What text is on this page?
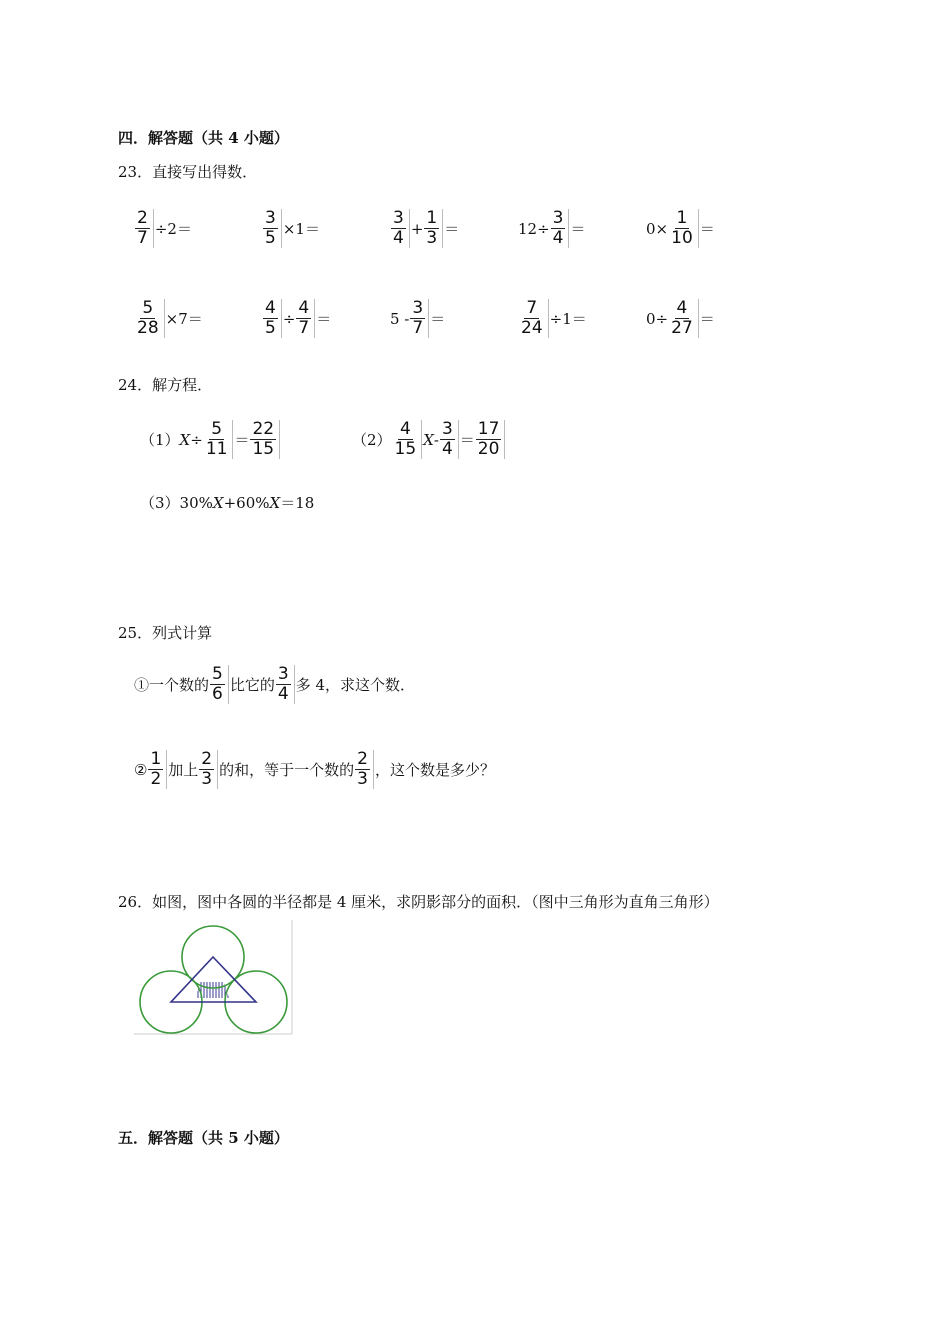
四．解答题（共 4 小题）
23．直接写出得数．
$\frac{2}{7} \div 2=$	$\frac{3}{5} \times 1=$	$\frac{3}{4} + \frac{1}{3}$ ＝	$12\div \frac{3}{4}$ ＝	$0\times \frac{1}{10}$ ＝
$\frac{5}{28} \times 7=$	$\frac{4}{5} \div \frac{4}{7}$ ＝	$5 - \frac{3}{7}$ ＝	$\frac{7}{24} \div 1=$	$0\div \frac{4}{27}$ ＝
24．解方程．
（1） $X \div \frac{5}{11} = \frac{22}{15}$	$(2) \frac{4}{15}$ $X - \frac{3}{4} = \frac{17}{20}$
（3） 30% X +60% X ＝18
25．列式计算
①一个数的 $\frac{5}{6}$ 比它的 $\frac{3}{4}$ 多 4，求这个数．
② $\frac{1}{2}$ 加上 $\frac{2}{3}$ 的和，等于一个数的 $\frac{2}{3}$ ，这个数是多少？
26．如图，图中各圆的半径都是 4 厘米，求阴影部分的面积．（图中三角形为直角三角形）
五．解答题（共 5 小题）
